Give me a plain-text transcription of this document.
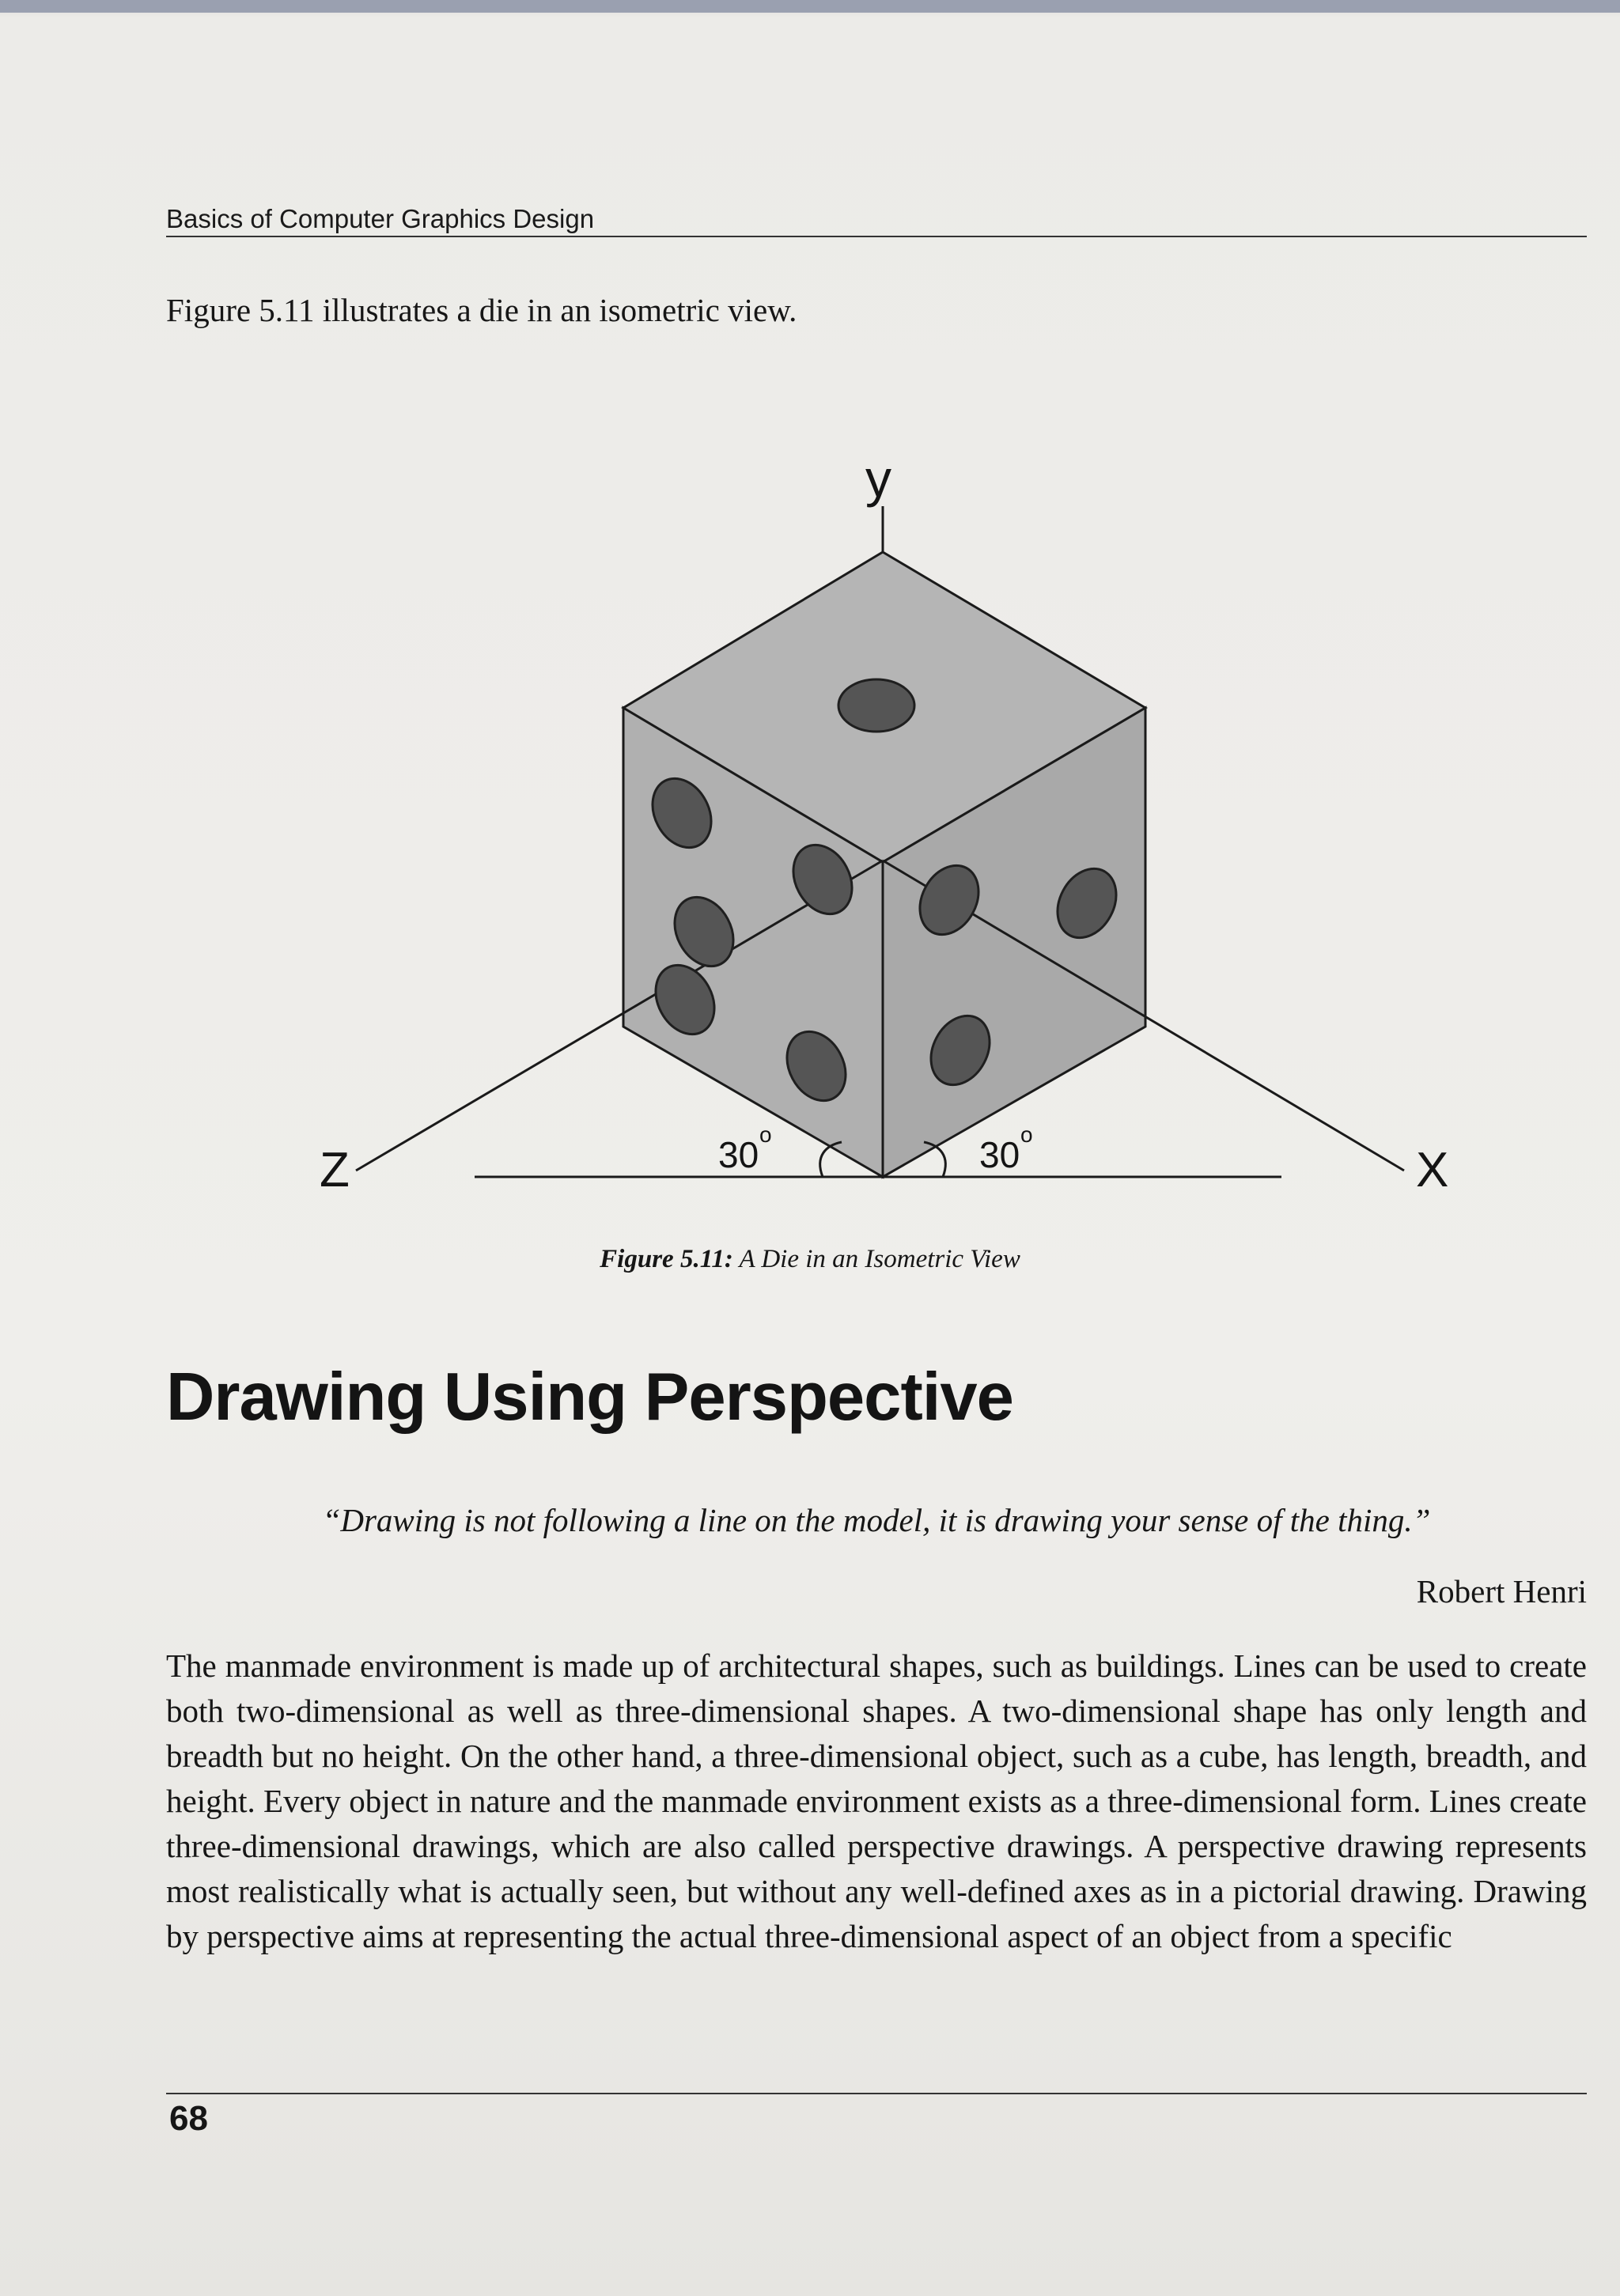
Basics of Computer Graphics Design
Figure 5.11 illustrates a die in an isometric view.
y
Z	X
30 o	30 o
Figure 5.11: A Die in an Isometric View
Drawing Using Perspective
“Drawing is not following a line on the model, it is drawing your sense of the thing.”
Robert Henri
The manmade environment is made up of architectural shapes, such as buildings. Lines can be used to create both two-dimensional as well as three-dimensional shapes. A two-dimensional shape has only length and breadth but no height. On the other hand, a three-dimensional object, such as a cube, has length, breadth, and height. Every object in nature and the manmade environment exists as a three-dimensional form. Lines create three-dimensional drawings, which are also called perspective drawings. A perspective drawing represents most realistically what is actually seen, but without any well-defined axes as in a pictorial drawing. Drawing by perspective aims at representing the actual three-dimensional aspect of an object from a specific
68
